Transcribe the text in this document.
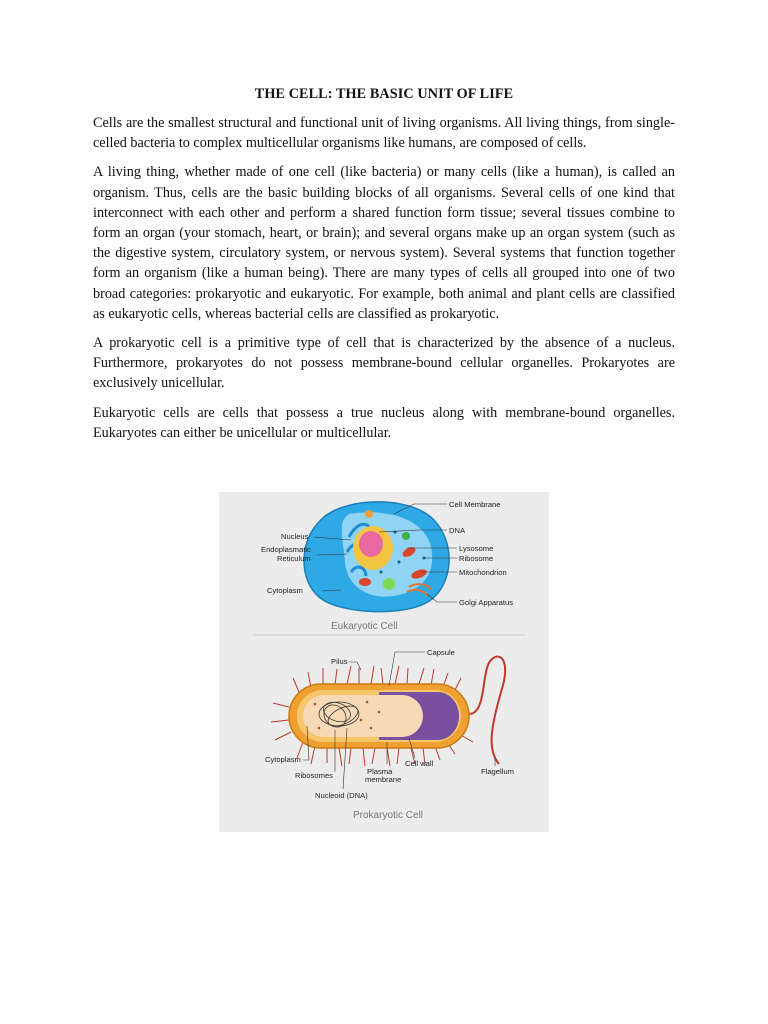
THE CELL: THE BASIC UNIT OF LIFE

Cells are the smallest structural and functional unit of living organisms. All living things, from single-celled bacteria to complex multicellular organisms like humans, are composed of cells.

A living thing, whether made of one cell (like bacteria) or many cells (like a human), is called an organism. Thus, cells are the basic building blocks of all organisms. Several cells of one kind that interconnect with each other and perform a shared function form tissue; several tissues combine to form an organ (your stomach, heart, or brain); and several organs make up an organ system (such as the digestive system, circulatory system, or nervous system). Several systems that function together form an organism (like a human being). There are many types of cells all grouped into one of two broad categories: prokaryotic and eukaryotic. For example, both animal and plant cells are classified as eukaryotic cells, whereas bacterial cells are classified as prokaryotic.

A prokaryotic cell is a primitive type of cell that is characterized by the absence of a nucleus. Furthermore, prokaryotes do not possess membrane-bound cellular organelles. Prokaryotes are exclusively unicellular.

Eukaryotic cells are cells that possess a true nucleus along with membrane-bound organelles. Eukaryotes can either be unicellular or multicellular.

Cell Membrane
DNA
Nucleus
Endoplasmatic
Reticulum
Lysosome
Ribosome
Mitochondrion
Cytoplasm
Golgi Apparatus
Eukaryotic Cell
Capsule
Pilus
Cytoplasm	Cell wall
Plasma
membrane
Ribosomes	Flagellum
Nucleoid (DNA)
Prokaryotic Cell
